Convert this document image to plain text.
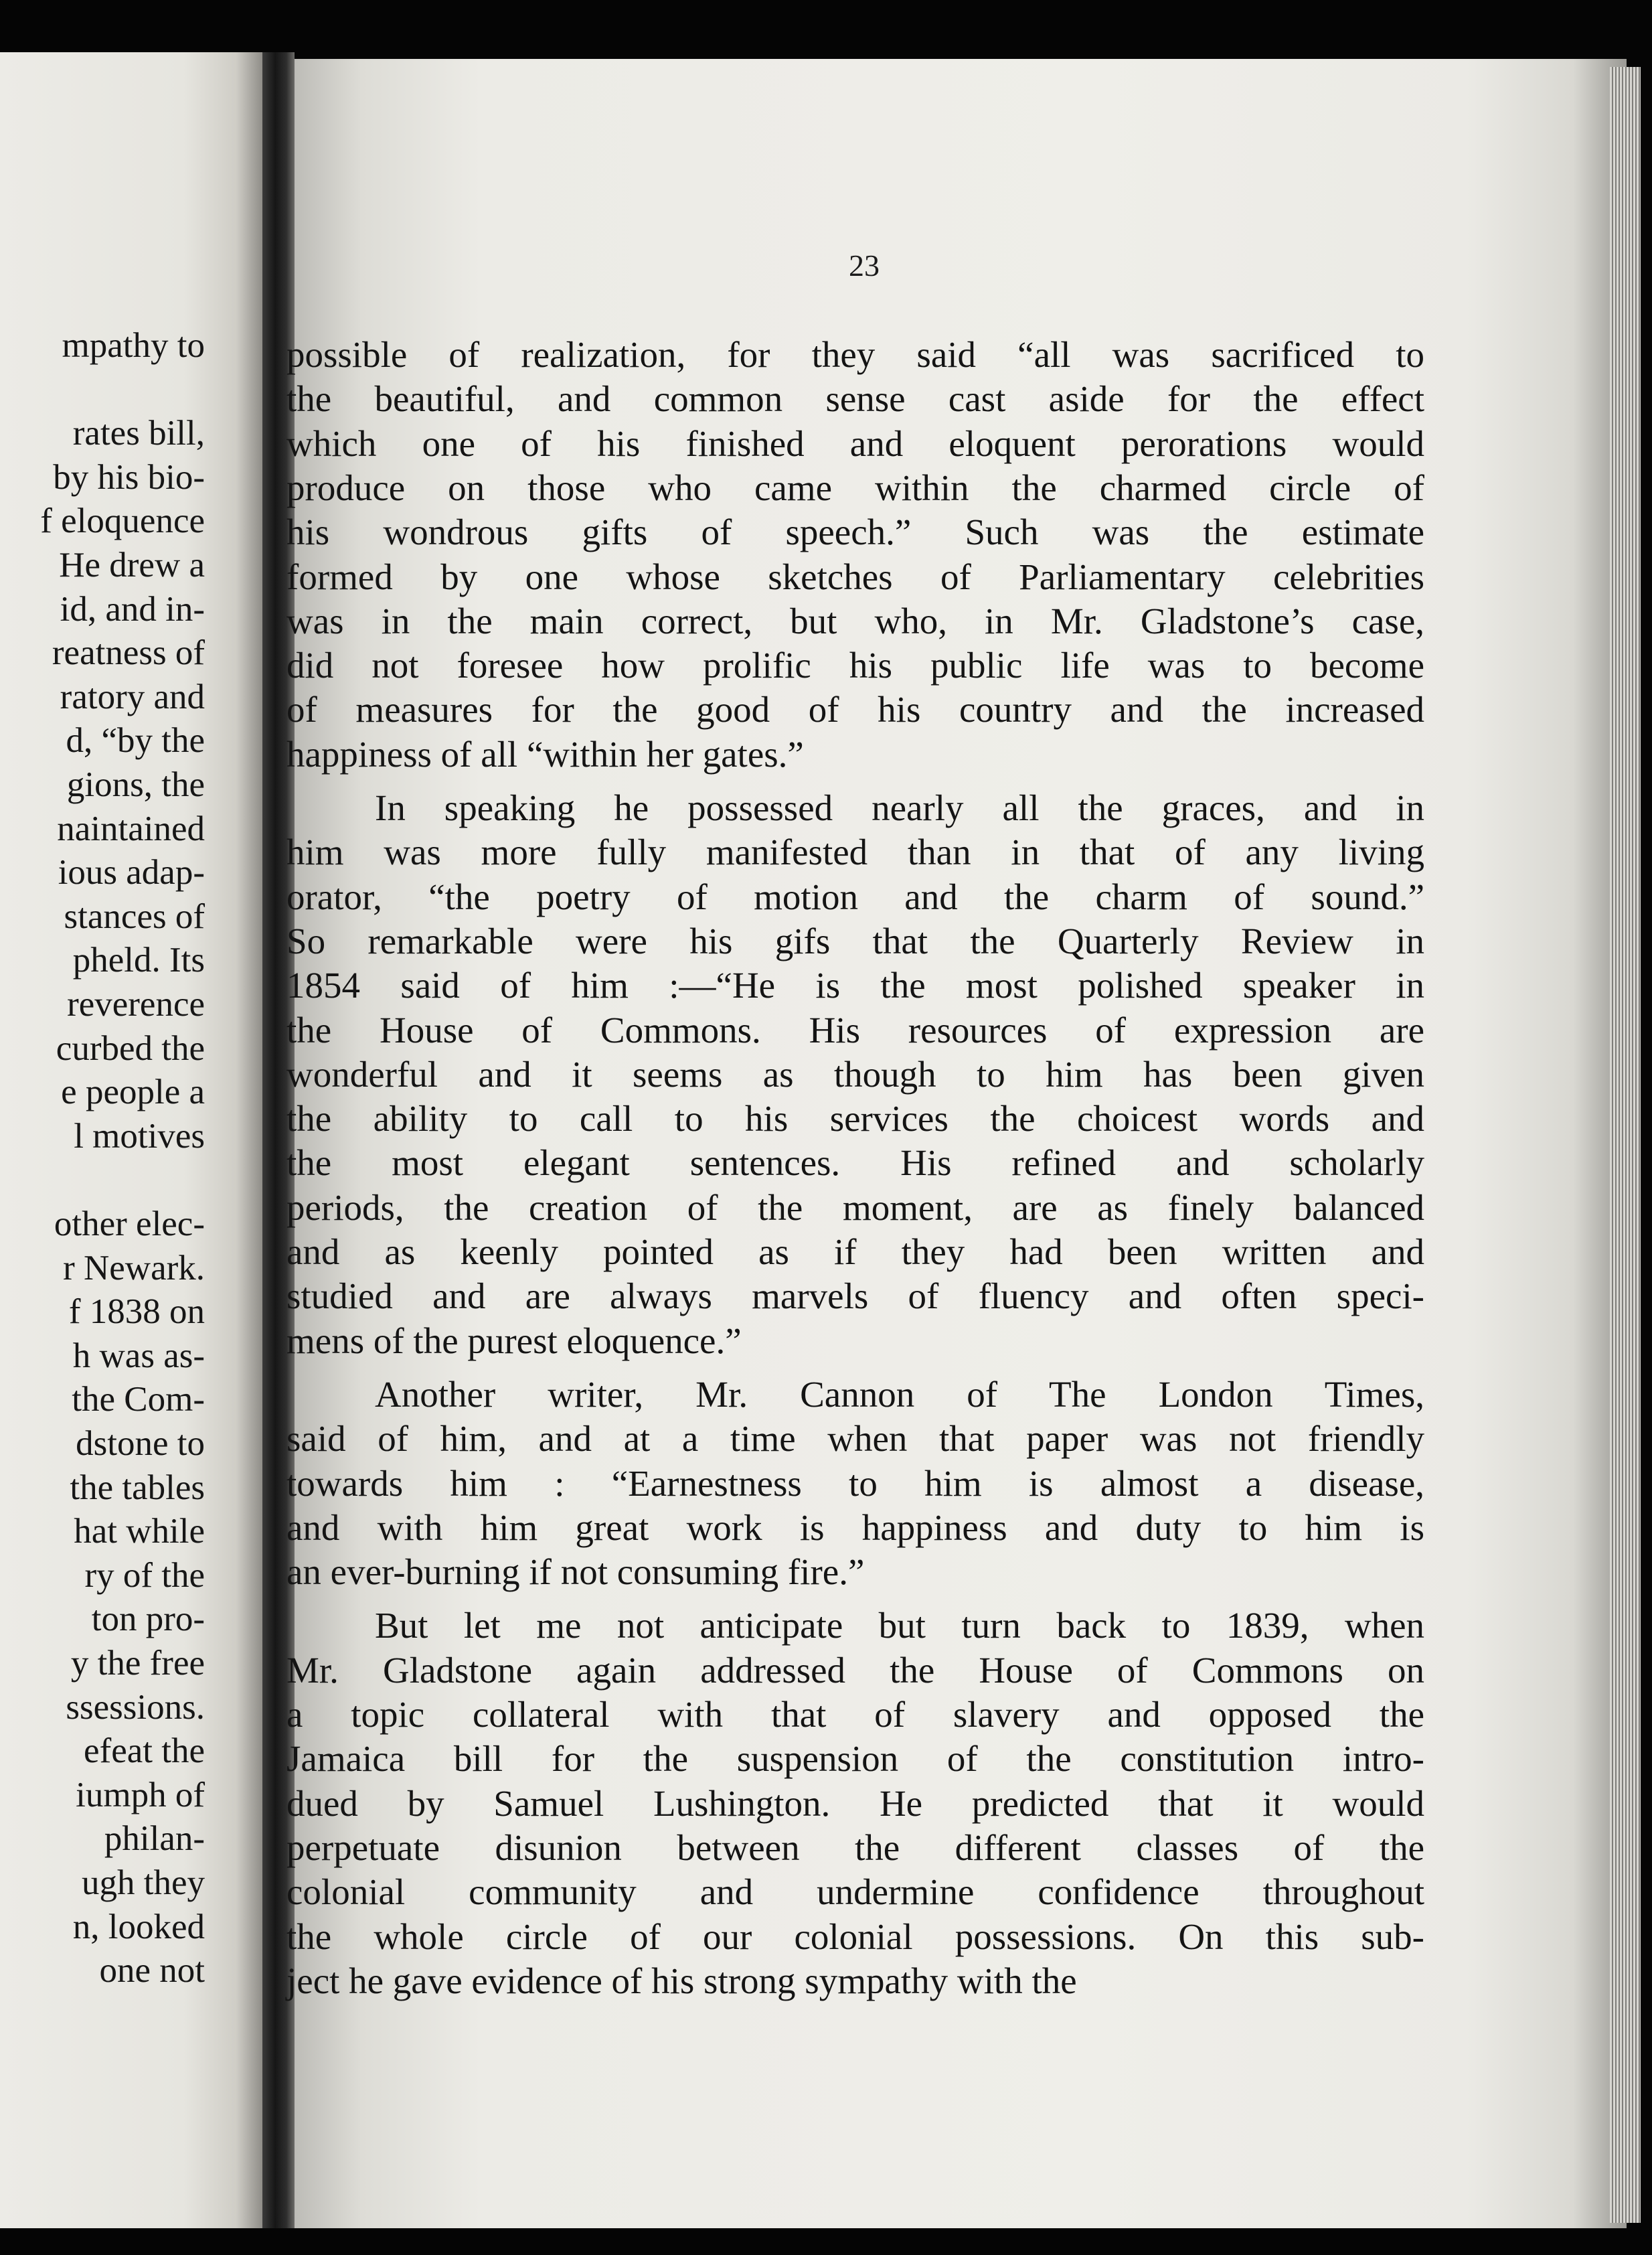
mpathy to
rates bill,
by his bio-
f eloquence
He drew a
id, and in-
reatness of
ratory and
d, “by the
gions, the
naintained
ious adap-
stances of
pheld. Its
reverence
curbed the
e people a
l motives
other elec-
r Newark.
f 1838 on
h was as-
the Com-
dstone to
the tables
hat while
ry of the
ton pro-
y the free
ssessions.
efeat the
iumph of
philan-
ugh they
n, looked
one not
23
possible of realization, for they said “all was sacrificed to
the beautiful, and common sense cast aside for the effect
which one of his finished and eloquent perorations would
produce on those who came within the charmed circle of
his wondrous gifts of speech.” Such was the estimate
formed by one whose sketches of Parliamentary celebrities
was in the main correct, but who, in Mr. Gladstone’s case,
did not foresee how prolific his public life was to become
of measures for the good of his country and the increased
happiness of all “within her gates.”
In speaking he possessed nearly all the graces, and in
him was more fully manifested than in that of any living
orator, “the poetry of motion and the charm of sound.”
So remarkable were his gifs that the Quarterly Review in
1854 said of him :—“He is the most polished speaker in
the House of Commons. His resources of expression are
wonderful and it seems as though to him has been given
the ability to call to his services the choicest words and
the most elegant sentences. His refined and scholarly
periods, the creation of the moment, are as finely balanced
and as keenly pointed as if they had been written and
studied and are always marvels of fluency and often speci-
mens of the purest eloquence.”
Another writer, Mr. Cannon of The London Times,
said of him, and at a time when that paper was not friendly
towards him : “Earnestness to him is almost a disease,
and with him great work is happiness and duty to him is
an ever-burning if not consuming fire.”
But let me not anticipate but turn back to 1839, when
Mr. Gladstone again addressed the House of Commons on
a topic collateral with that of slavery and opposed the
Jamaica bill for the suspension of the constitution intro-
dued by Samuel Lushington. He predicted that it would
perpetuate disunion between the different classes of the
colonial community and undermine confidence throughout
the whole circle of our colonial possessions. On this sub-
ject he gave evidence of his strong sympathy with the
